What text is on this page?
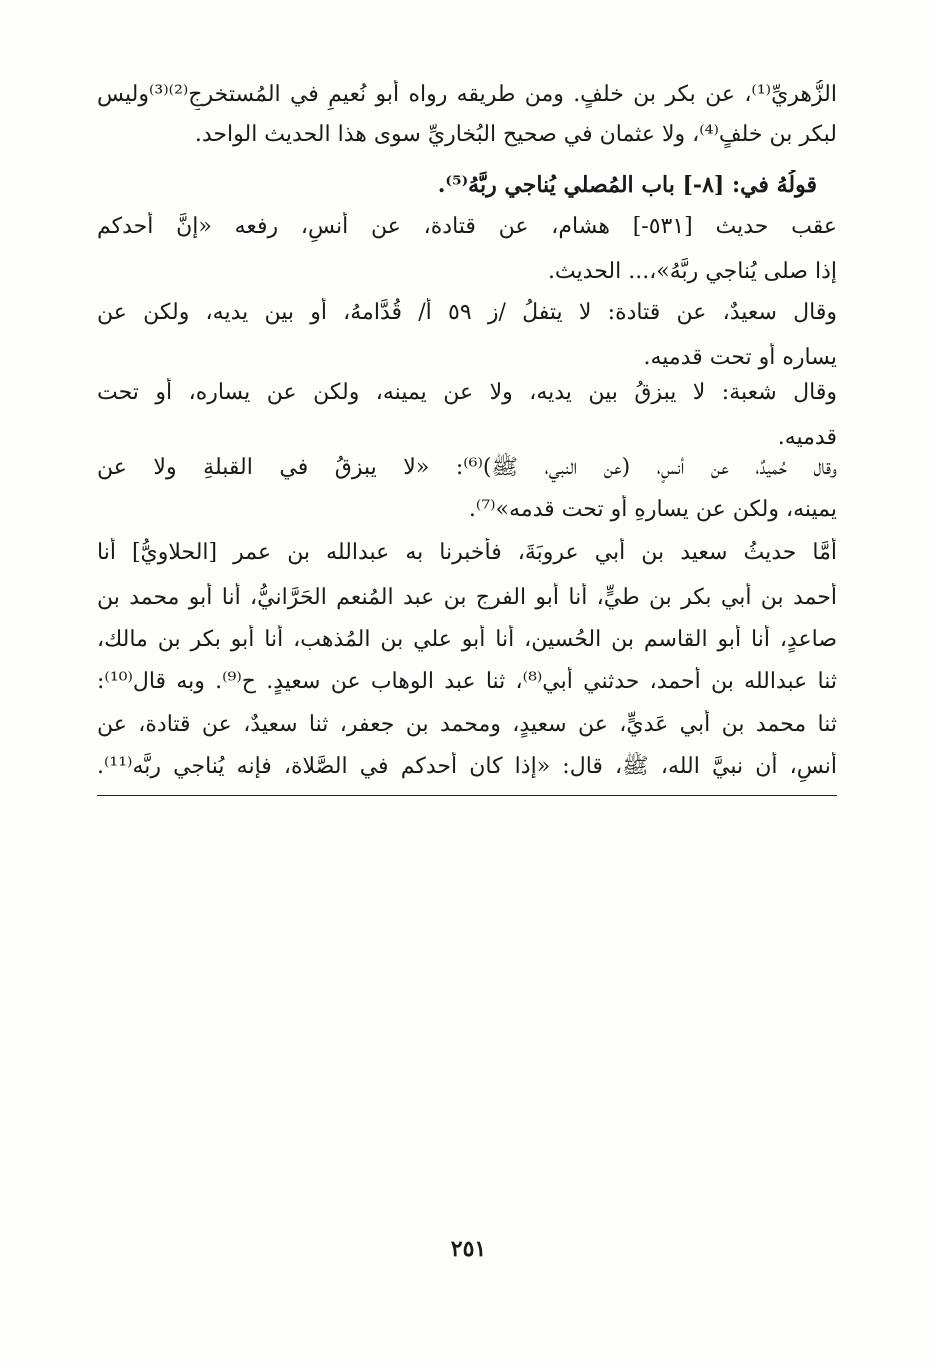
الزُّهريِّ⁽¹⁾، عن بكر بن خلفٍ. ومن طريقه رواه أبو نُعيمٍ في المُستخرجِ⁽²⁾⁽³⁾وليس
لبكر بن خلفٍ⁽⁴⁾، ولا عثمان في صحيح البُخاريِّ سوى هذا الحديث الواحد.
قولُهُ في: [٨-] باب المُصلي يُناجي ربَّهُ⁽⁵⁾.
عقب حديث [٥٣١-] هشام، عن قتادة، عن أنسٍ، رفعه «إنَّ أحدكم
إذا صلى يُناجي ربَّهُ»،... الحديث.
وقال سعيدٌ، عن قتادة: لا يتفلُ /ز ٥٩ أ/ قُدَّامهُ، أو بين يديه، ولكن عن
يساره أو تحت قدميه.
وقال شعبة: لا يبزقُ بين يديه، ولا عن يمينه، ولكن عن يساره، أو تحت
قدميه.
وقال حُميدٌ، عن أنسٍ، (عن النبي، ﷺ)⁽⁶⁾: «لا يبزقُ في القبلةِ ولا عن
يمينه، ولكن عن يسارهِ أو تحت قدمه»⁽⁷⁾.
أمَّا حديثُ سعيد بن أبي عروبَةَ، فأخبرنا به عبدالله بن عمر [الحلاويُّ] أنا
أحمد بن أبي بكر بن طيٍّ، أنا أبو الفرج بن عبد المُنعم الحَرَّانيُّ، أنا أبو محمد بن
صاعدٍ، أنا أبو القاسم بن الحُسين، أنا أبو علي بن المُذهب، أنا أبو بكر بن مالك،
ثنا عبدالله بن أحمد، حدثني أبي⁽⁸⁾، ثنا عبد الوهاب عن سعيدٍ. ح⁽⁹⁾. وبه قال⁽¹⁰⁾:
ثنا محمد بن أبي عَديٍّ، عن سعيدٍ، ومحمد بن جعفر، ثنا سعيدٌ، عن قتادة، عن
أنسٍ، أن نبيَّ الله، ﷺ، قال: «إذا كان أحدكم في الصَّلاة، فإنه يُناجي ربَّه⁽¹¹⁾.
٢٥١
